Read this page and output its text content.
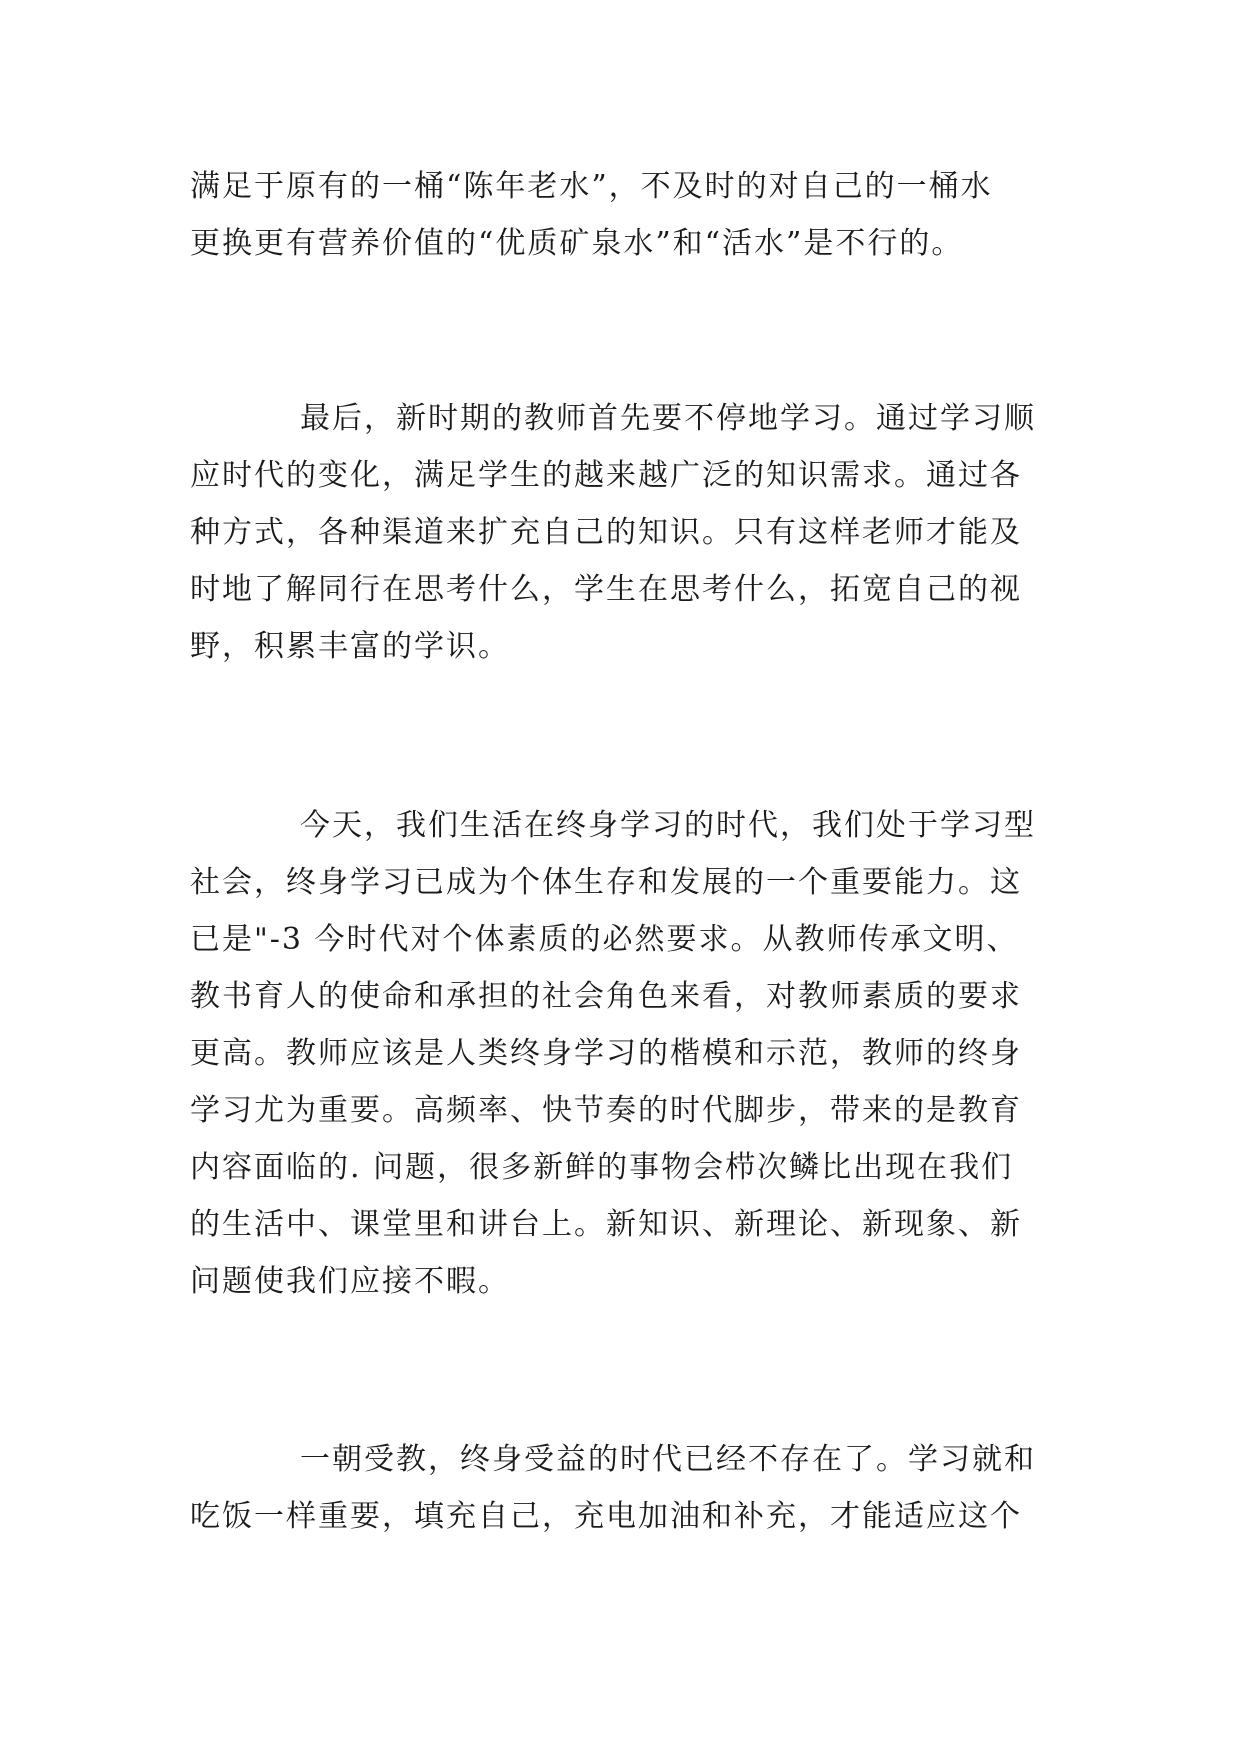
满足于原有的一桶“陈年老水”，不及时的对自己的一桶水
更换更有营养价值的“优质矿泉水”和“活水”是不行的。
最后，新时期的教师首先要不停地学习。通过学习顺
应时代的变化，满足学生的越来越广泛的知识需求。通过各
种方式，各种渠道来扩充自己的知识。只有这样老师才能及
时地了解同行在思考什么，学生在思考什么，拓宽自己的视
野，积累丰富的学识。
今天，我们生活在终身学习的时代，我们处于学习型
社会，终身学习已成为个体生存和发展的一个重要能力。这
已是"-3 今时代对个体素质的必然要求。从教师传承文明、
教书育人的使命和承担的社会角色来看，对教师素质的要求
更高。教师应该是人类终身学习的楷模和示范，教师的终身
学习尤为重要。高频率、快节奏的时代脚步，带来的是教育
内容面临的. 问题，很多新鲜的事物会栉次鳞比出现在我们
的生活中、课堂里和讲台上。新知识、新理论、新现象、新
问题使我们应接不暇。
一朝受教，终身受益的时代已经不存在了。学习就和
吃饭一样重要，填充自己，充电加油和补充，才能适应这个
